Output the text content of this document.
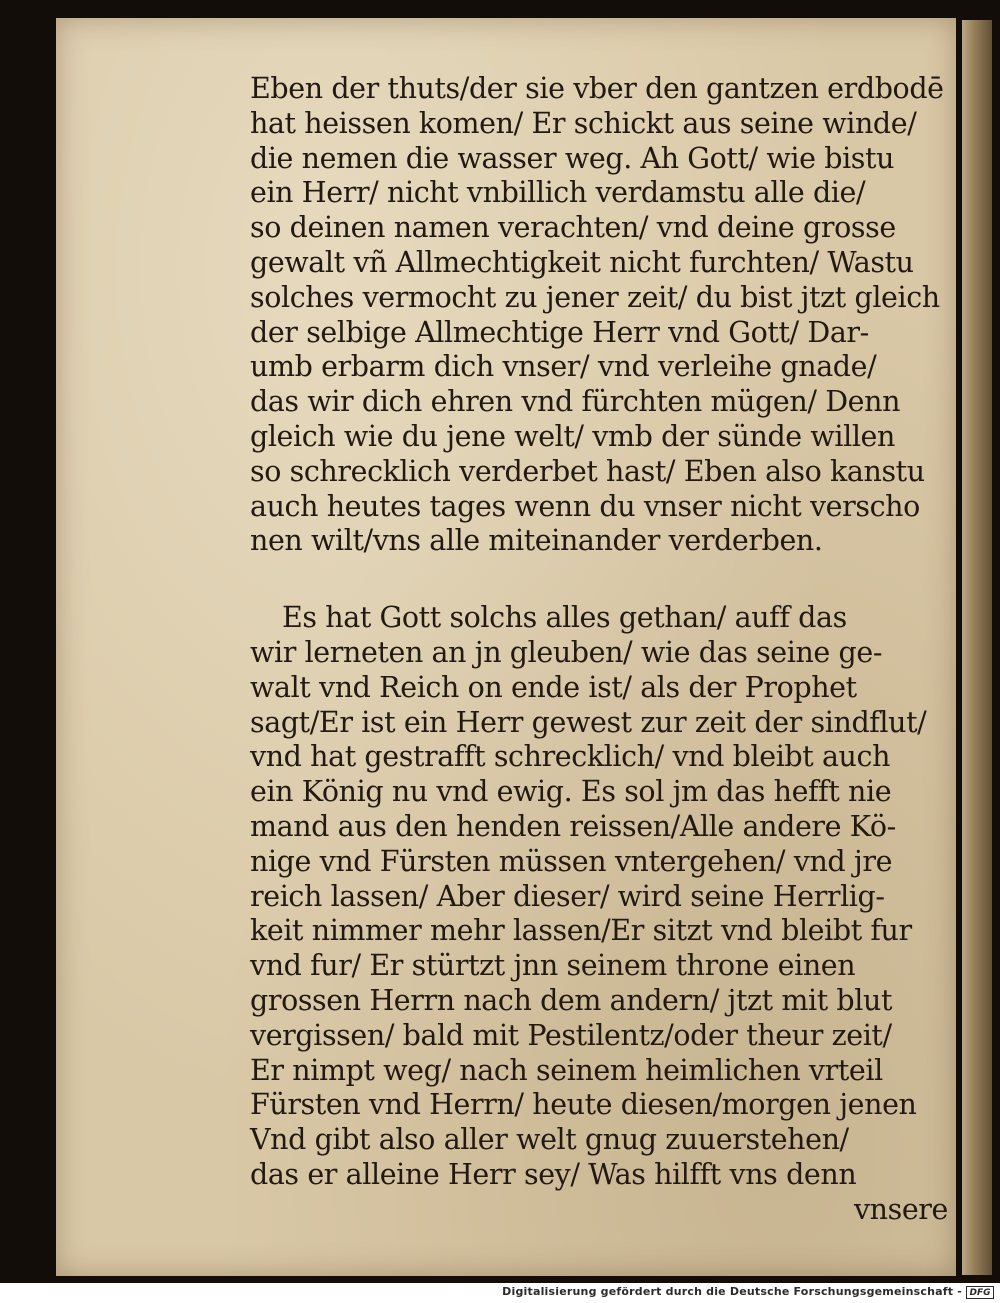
Eben der thuts/der sie vber den gantzen erdbodē
hat heissen komen/ Er schickt aus seine winde/
die nemen die wasser weg. Ah Gott/ wie bistu
ein Herr/ nicht vnbillich verdamstu alle die/
so deinen namen verachten/ vnd deine grosse
gewalt vñ Allmechtigkeit nicht furchten/ Wastu
solches vermocht zu jener zeit/ du bist jtzt gleich
der selbige Allmechtige Herr vnd Gott/ Dar-
umb erbarm dich vnser/ vnd verleihe gnade/
das wir dich ehren vnd fürchten mügen/ Denn
gleich wie du jene welt/ vmb der sünde willen
so schrecklich verderbet hast/ Eben also kanstu
auch heutes tages wenn du vnser nicht verscho
nen wilt/vns alle miteinander verderben.
Es hat Gott solchs alles gethan/ auff das
wir lerneten an jn gleuben/ wie das seine ge-
walt vnd Reich on ende ist/ als der Prophet
sagt/Er ist ein Herr gewest zur zeit der sindflut/
vnd hat gestrafft schrecklich/ vnd bleibt auch
ein König nu vnd ewig. Es sol jm das hefft nie
mand aus den henden reissen/Alle andere Kö-
nige vnd Fürsten müssen vntergehen/ vnd jre
reich lassen/ Aber dieser/ wird seine Herrlig-
keit nimmer mehr lassen/Er sitzt vnd bleibt fur
vnd fur/ Er stürtzt jnn seinem throne einen
grossen Herrn nach dem andern/ jtzt mit blut
vergissen/ bald mit Pestilentz/oder theur zeit/
Er nimpt weg/ nach seinem heimlichen vrteil
Fürsten vnd Herrn/ heute diesen/morgen jenen
Vnd gibt also aller welt gnug zuuerstehen/
das er alleine Herr sey/ Was hilfft vns denn
vnsere
Digitalisierung gefördert durch die Deutsche Forschungsgemeinschaft - DFG
